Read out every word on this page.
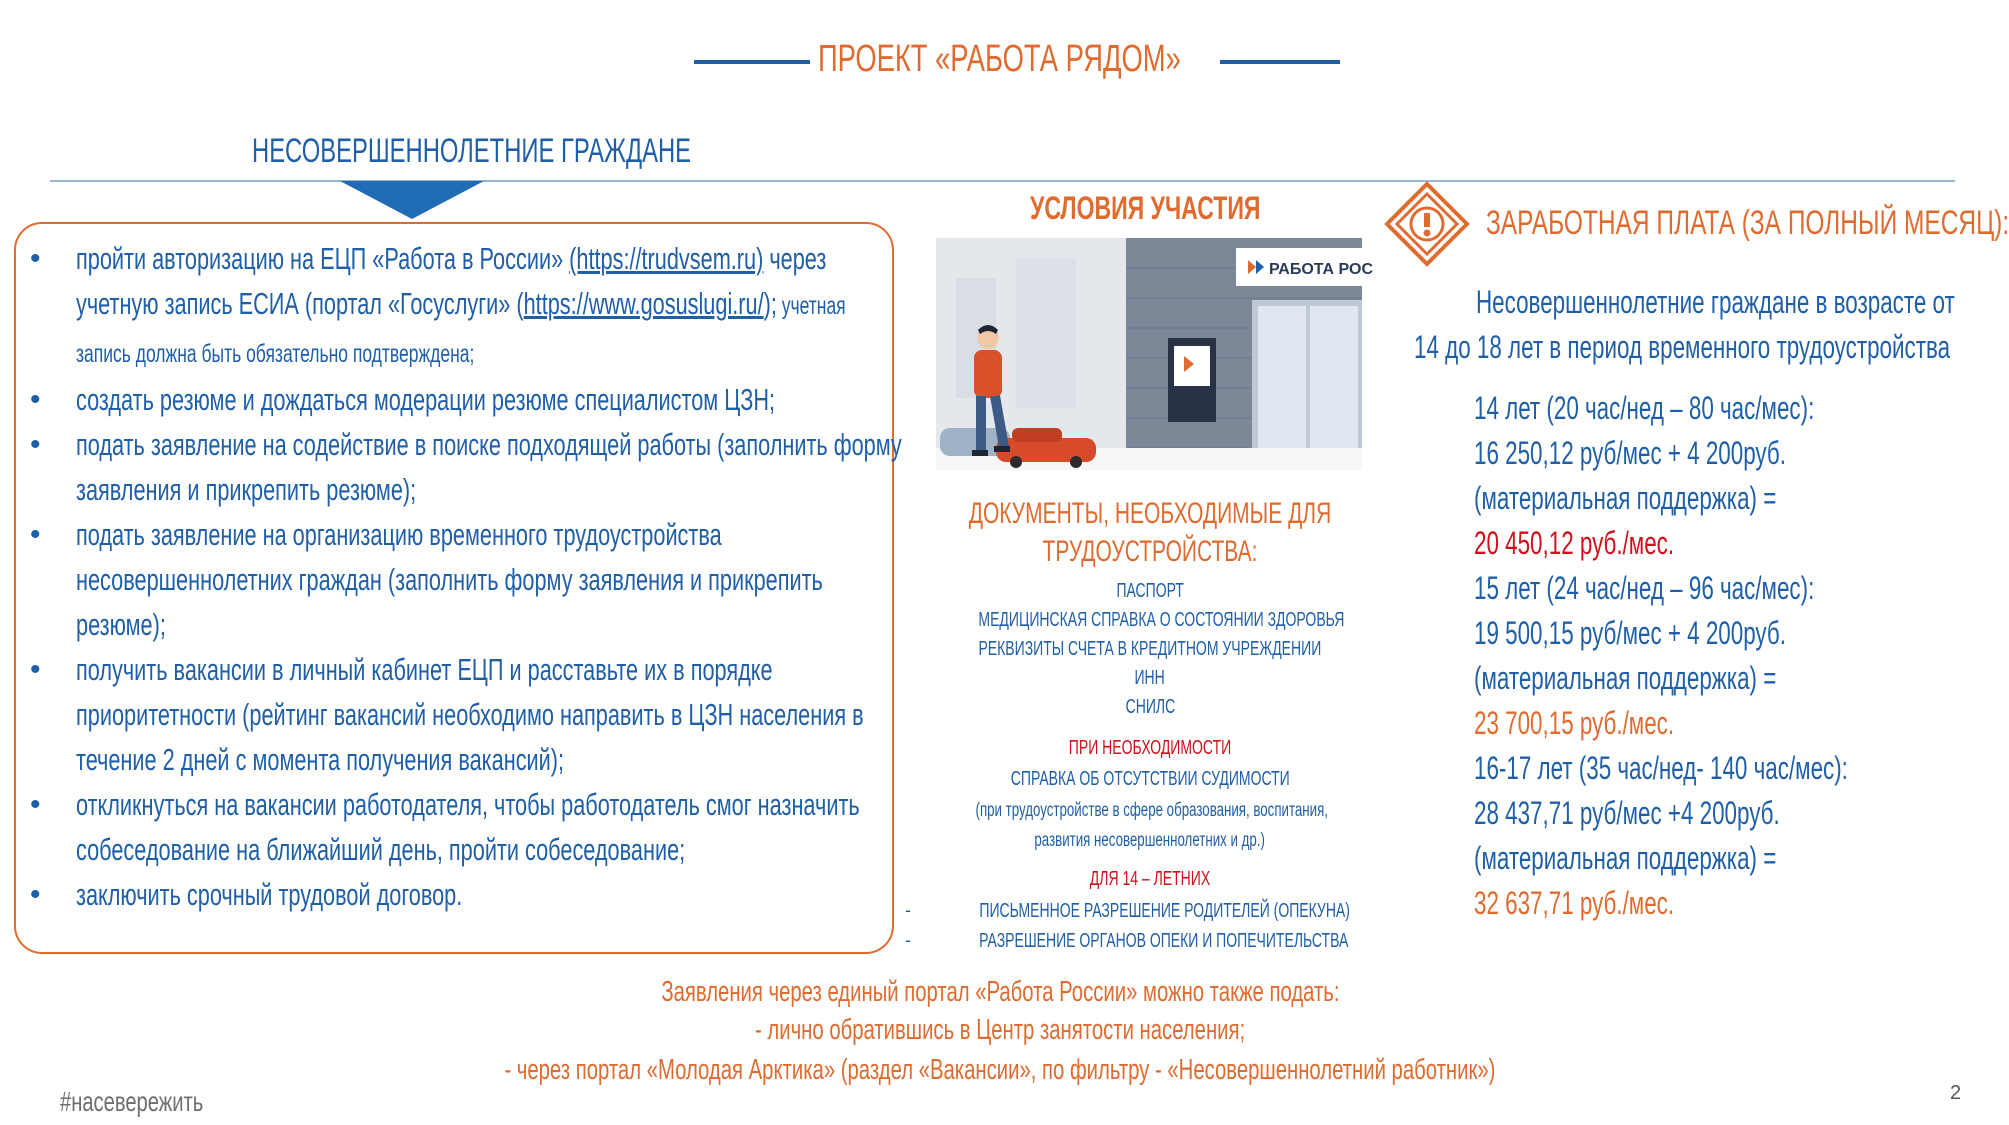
ПРОЕКТ «РАБОТА РЯДОМ»
НЕСОВЕРШЕННОЛЕТНИЕ ГРАЖДАНЕ
• пройти авторизацию на ЕЦП «Работа в России» (https://trudvsem.ru) через учетную запись ЕСИА (портал «Госуслуги» (https://www.gosuslugi.ru/); учетная запись должна быть обязательно подтверждена;
• создать резюме и дождаться модерации резюме специалистом ЦЗН;
• подать заявление на содействие в поиске подходящей работы (заполнить форму заявления и прикрепить резюме);
• подать заявление на организацию временного трудоустройства несовершеннолетних граждан (заполнить форму заявления и прикрепить резюме);
• получить вакансии в личный кабинет ЕЦП и расставьте их в порядке приоритетности (рейтинг вакансий необходимо направить в ЦЗН населения в течение 2 дней с момента получения вакансий);
• откликнуться на вакансии работодателя, чтобы работодатель смог назначить собеседование на ближайший день, пройти собеседование;
• заключить срочный трудовой договор.
УСЛОВИЯ УЧАСТИЯ
РАБОТА РОС
ДОКУМЕНТЫ, НЕОБХОДИМЫЕ ДЛЯ ТРУДОУСТРОЙСТВА:
ПАСПОРТ
МЕДИЦИНСКАЯ СПРАВКА О СОСТОЯНИИ ЗДОРОВЬЯ
РЕКВИЗИТЫ СЧЕТА В КРЕДИТНОМ УЧРЕЖДЕНИИ
ИНН
СНИЛС
ПРИ НЕОБХОДИМОСТИ
СПРАВКА ОБ ОТСУТСТВИИ СУДИМОСТИ
(при трудоустройстве в сфере образования, воспитания,
развития несовершеннолетних и др.)
ДЛЯ 14 – ЛЕТНИХ
-	ПИСЬМЕННОЕ РАЗРЕШЕНИЕ РОДИТЕЛЕЙ (ОПЕКУНА)
-	РАЗРЕШЕНИЕ ОРГАНОВ ОПЕКИ И ПОПЕЧИТЕЛЬСТВА
ЗАРАБОТНАЯ ПЛАТА (ЗА ПОЛНЫЙ МЕСЯЦ):
Несовершеннолетние граждане в возрасте от
14 до 18 лет в период временного трудоустройства
14 лет (20 час/нед – 80 час/мес):
16 250,12 руб/мес + 4 200руб.
(материальная поддержка) =
20 450,12 руб./мес.
15 лет (24 час/нед – 96 час/мес):
19 500,15 руб/мес + 4 200руб.
(материальная поддержка) =
23 700,15 руб./мес.
16-17 лет (35 час/нед- 140 час/мес):
28 437,71 руб/мес +4 200руб.
(материальная поддержка) =
32 637,71 руб./мес.
Заявления через единый портал «Работа России» можно также подать:
- лично обратившись в Центр занятости населения;
- через портал «Молодая Арктика» (раздел «Вакансии», по фильтру - «Несовершеннолетний работник»)
#насевережить	2
